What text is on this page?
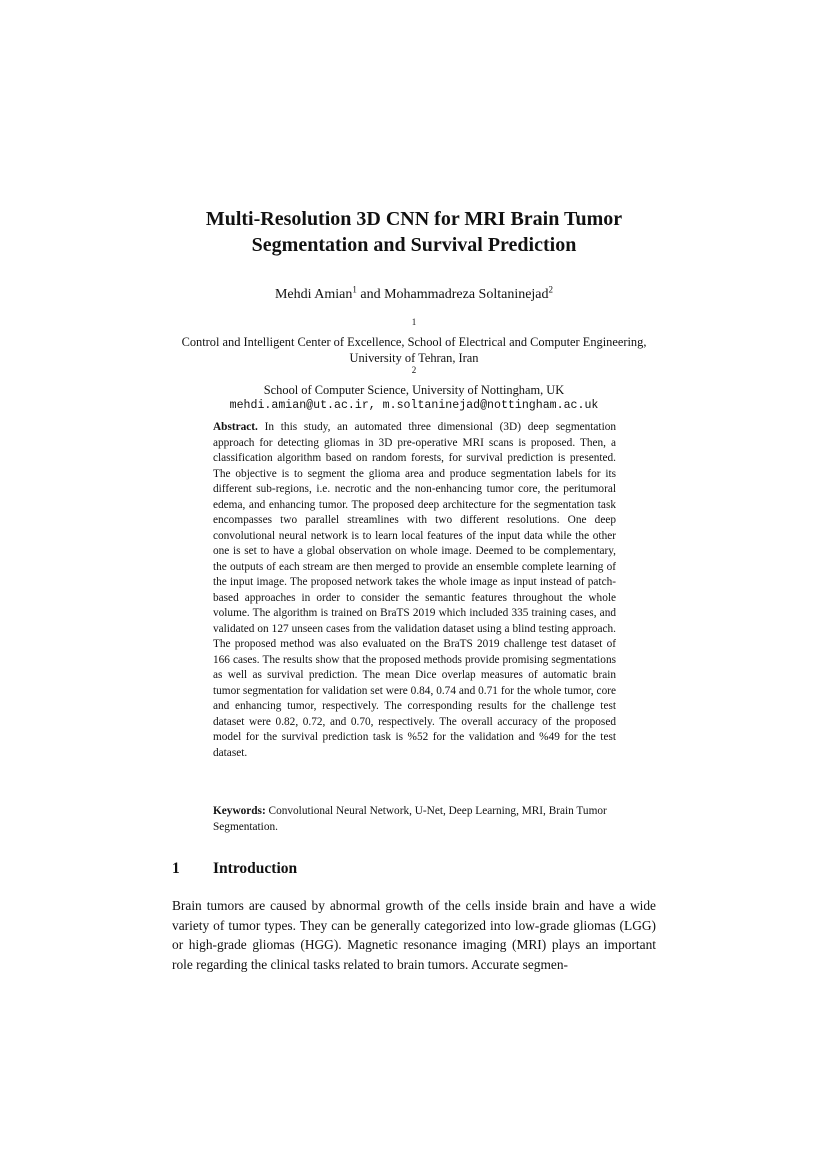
Multi-Resolution 3D CNN for MRI Brain Tumor
Segmentation and Survival Prediction
Mehdi Amian$^1$ and Mohammadreza Soltaninejad$^2$
$^1$
Control and Intelligent Center of Excellence, School of Electrical and Computer Engineering,
University of Tehran, Iran
$^2$
School of Computer Science, University of Nottingham, UK
mehdi.amian@ut.ac.ir, m.soltaninejad@nottingham.ac.uk
Abstract. In this study, an automated three dimensional (3D) deep segmentation approach for detecting gliomas in 3D pre-operative MRI scans is proposed. Then, a classification algorithm based on random forests, for survival prediction is presented. The objective is to segment the glioma area and produce segmentation labels for its different sub-regions, i.e. necrotic and the non-enhancing tumor core, the peritumoral edema, and enhancing tumor. The proposed deep architecture for the segmentation task encompasses two parallel streamlines with two different resolutions. One deep convolutional neural network is to learn local features of the input data while the other one is set to have a global observation on whole image. Deemed to be complementary, the outputs of each stream are then merged to provide an ensemble complete learning of the input image. The proposed network takes the whole image as input instead of patch-based approaches in order to consider the semantic features throughout the whole volume. The algorithm is trained on BraTS 2019 which included 335 training cases, and validated on 127 unseen cases from the validation dataset using a blind testing approach. The proposed method was also evaluated on the BraTS 2019 challenge test dataset of 166 cases. The results show that the proposed methods provide promising segmentations as well as survival prediction. The mean Dice overlap measures of automatic brain tumor segmentation for validation set were 0.84, 0.74 and 0.71 for the whole tumor, core and enhancing tumor, respectively. The corresponding results for the challenge test dataset were 0.82, 0.72, and 0.70, respectively. The overall accuracy of the proposed model for the survival prediction task is %52 for the validation and %49 for the test dataset.
Keywords: Convolutional Neural Network, U-Net, Deep Learning, MRI, Brain Tumor Segmentation.
1 Introduction
Brain tumors are caused by abnormal growth of the cells inside brain and have a wide variety of tumor types. They can be generally categorized into low-grade gliomas (LGG) or high-grade gliomas (HGG). Magnetic resonance imaging (MRI) plays an important role regarding the clinical tasks related to brain tumors. Accurate segmen-
